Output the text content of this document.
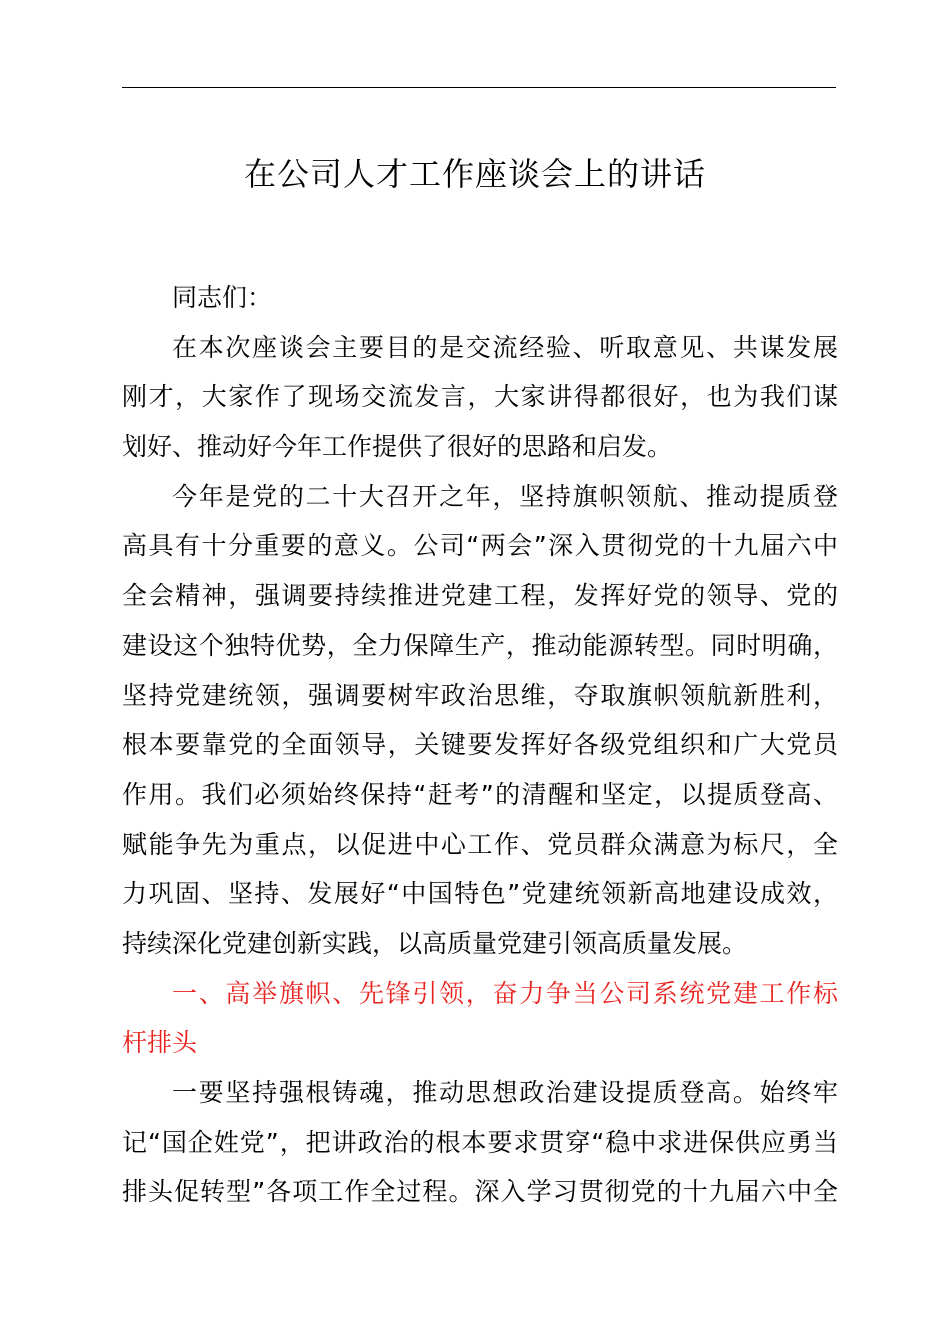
在公司人才工作座谈会上的讲话
同志们：
在本次座谈会主要目的是交流经验、听取意见、共谋发展
刚才，大家作了现场交流发言，大家讲得都很好，也为我们谋
划好、推动好今年工作提供了很好的思路和启发。
今年是党的二十大召开之年，坚持旗帜领航、推动提质登
高具有十分重要的意义。公司“两会”深入贯彻党的十九届六中
全会精神，强调要持续推进党建工程，发挥好党的领导、党的
建设这个独特优势，全力保障生产，推动能源转型。同时明确，
坚持党建统领，强调要树牢政治思维，夺取旗帜领航新胜利，
根本要靠党的全面领导，关键要发挥好各级党组织和广大党员
作用。我们必须始终保持“赶考”的清醒和坚定，以提质登高、
赋能争先为重点，以促进中心工作、党员群众满意为标尺，全
力巩固、坚持、发展好“中国特色”党建统领新高地建设成效，
持续深化党建创新实践，以高质量党建引领高质量发展。
一、高举旗帜、先锋引领，奋力争当公司系统党建工作标
杆排头
一要坚持强根铸魂，推动思想政治建设提质登高。始终牢
记“国企姓党”，把讲政治的根本要求贯穿“稳中求进保供应勇当
排头促转型”各项工作全过程。深入学习贯彻党的十九届六中全
